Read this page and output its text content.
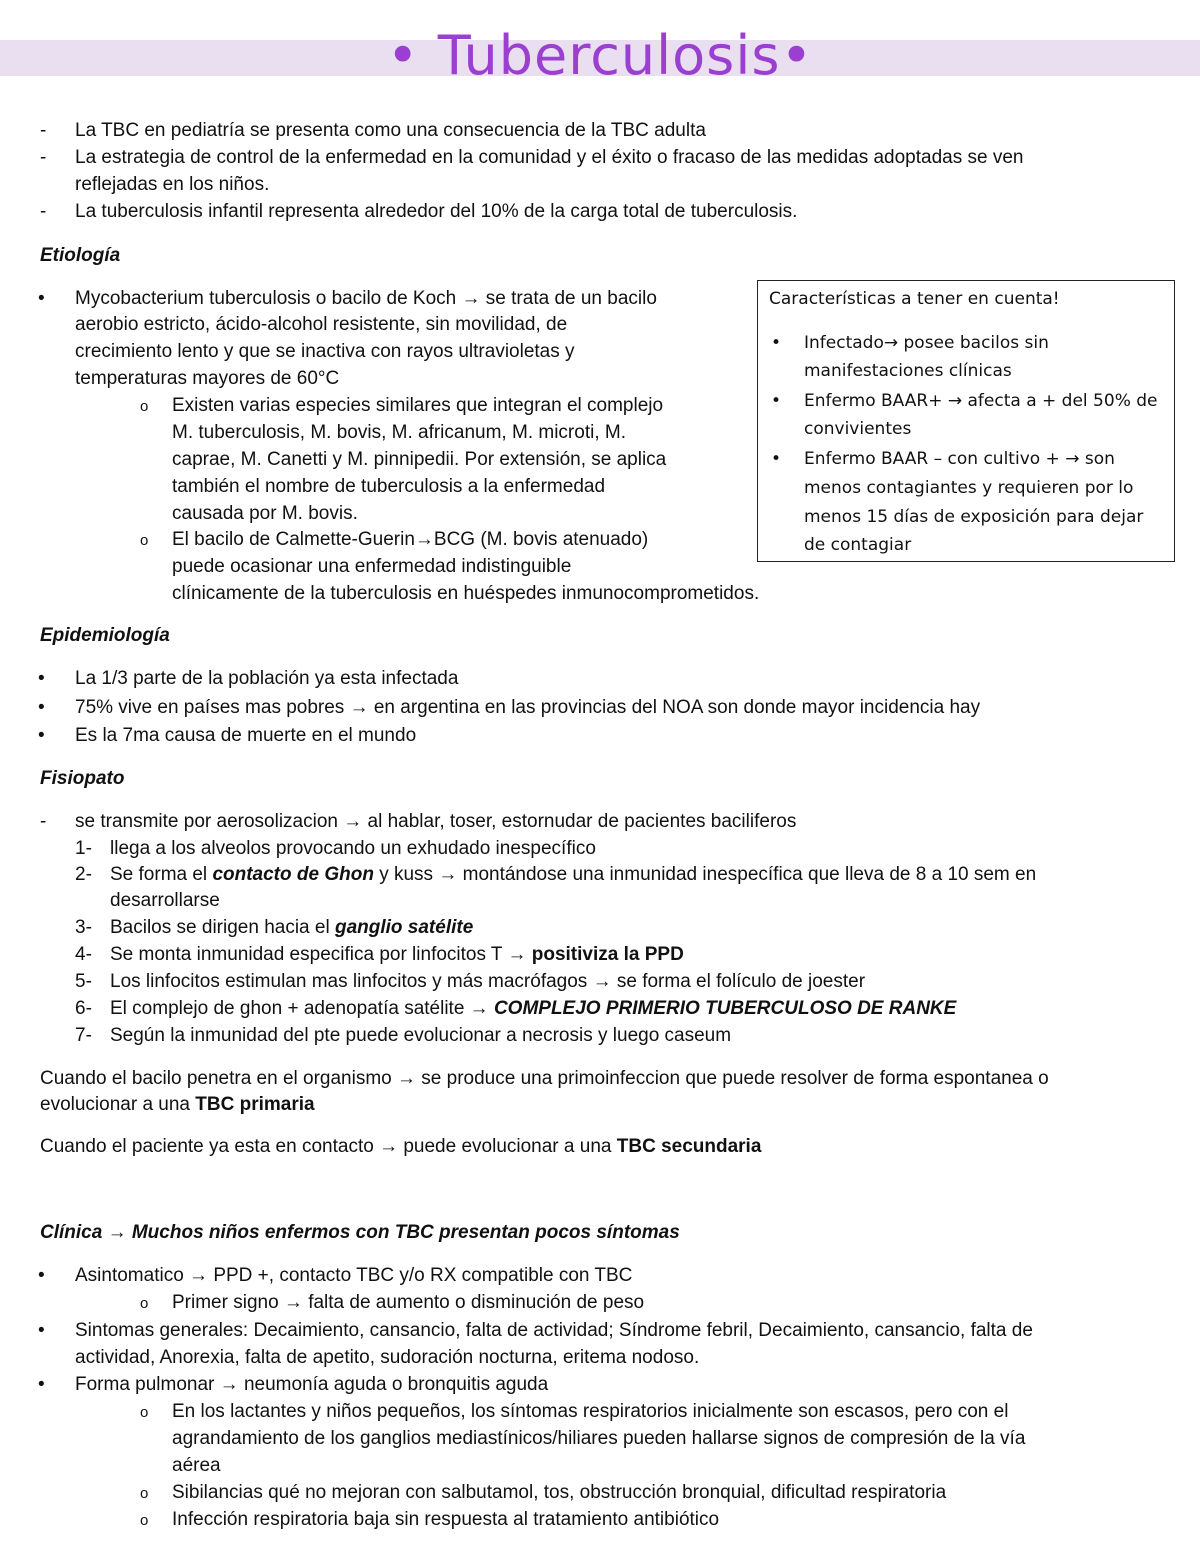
• Tuberculosis•
- La TBC en pediatría se presenta como una consecuencia de la TBC adulta
- La estrategia de control de la enfermedad en la comunidad y el éxito o fracaso de las medidas adoptadas se ven
reflejadas en los niños.
- La tuberculosis infantil representa alrededor del 10% de la carga total de tuberculosis.
Etiología
•
Mycobacterium tuberculosis o bacilo de Koch → se trata de un bacilo
aerobio estricto, ácido-alcohol resistente, sin movilidad, de
crecimiento lento y que se inactiva con rayos ultravioletas y
temperaturas mayores de 60°C
o Existen varias especies similares que integran el complejo
M. tuberculosis, M. bovis, M. africanum, M. microti, M.
caprae, M. Canetti y M. pinnipedii. Por extensión, se aplica
también el nombre de tuberculosis a la enfermedad
causada por M. bovis.
o El bacilo de Calmette-Guerin→BCG (M. bovis atenuado)
puede ocasionar una enfermedad indistinguible
clínicamente de la tuberculosis en huéspedes inmunocomprometidos.
Características a tener en cuenta!
•
Infectado→ posee bacilos sin
manifestaciones clínicas
•
Enfermo BAAR+ → afecta a + del 50% de
convivientes
•
Enfermo BAAR – con cultivo + → son
menos contagiantes y requieren por lo
menos 15 días de exposición para dejar
de contagiar
Epidemiología
•
La 1/3 parte de la población ya esta infectada
•
75% vive en países mas pobres → en argentina en las provincias del NOA son donde mayor incidencia hay
•
Es la 7ma causa de muerte en el mundo
Fisiopato
- se transmite por aerosolizacion → al hablar, toser, estornudar de pacientes baciliferos
1- llega a los alveolos provocando un exhudado inespecífico
2- Se forma el contacto de Ghon y kuss → montándose una inmunidad inespecífica que lleva de 8 a 10 sem en
desarrollarse
3- Bacilos se dirigen hacia el ganglio satélite
4- Se monta inmunidad especifica por linfocitos T → positiviza la PPD
5- Los linfocitos estimulan mas linfocitos y más macrófagos → se forma el folículo de joester
6- El complejo de ghon + adenopatía satélite → COMPLEJO PRIMERIO TUBERCULOSO DE RANKE
7- Según la inmunidad del pte puede evolucionar a necrosis y luego caseum
Cuando el bacilo penetra en el organismo → se produce una primoinfeccion que puede resolver de forma espontanea o
evolucionar a una TBC primaria
Cuando el paciente ya esta en contacto → puede evolucionar a una TBC secundaria
Clínica → Muchos niños enfermos con TBC presentan pocos síntomas
•
Asintomatico → PPD +, contacto TBC y/o RX compatible con TBC
o Primer signo → falta de aumento o disminución de peso
•
Sintomas generales: Decaimiento, cansancio, falta de actividad; Síndrome febril, Decaimiento, cansancio, falta de
actividad, Anorexia, falta de apetito, sudoración nocturna, eritema nodoso.
•
Forma pulmonar → neumonía aguda o bronquitis aguda
o En los lactantes y niños pequeños, los síntomas respiratorios inicialmente son escasos, pero con el
agrandamiento de los ganglios mediastínicos/hiliares pueden hallarse signos de compresión de la vía
aérea
o Sibilancias qué no mejoran con salbutamol, tos, obstrucción bronquial, dificultad respiratoria
o Infección respiratoria baja sin respuesta al tratamiento antibiótico
